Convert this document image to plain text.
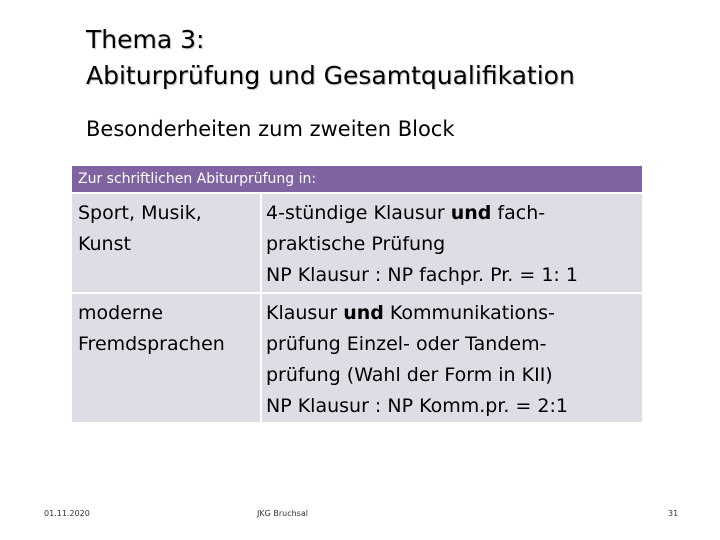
Thema 3:
Abiturprüfung und Gesamtqualifikation
Besonderheiten zum zweiten Block
Zur schriftlichen Abiturprüfung in:
Sport, Musik, Kunst
4-stündige Klausur und fach-
praktische Prüfung
NP Klausur : NP fachpr. Pr. = 1: 1
moderne Fremdsprachen
Klausur und Kommunikations-
prüfung Einzel- oder Tandem-
prüfung (Wahl der Form in KII)
NP Klausur : NP Komm.pr. = 2:1
01.11.2020	JKG Bruchsal	31
